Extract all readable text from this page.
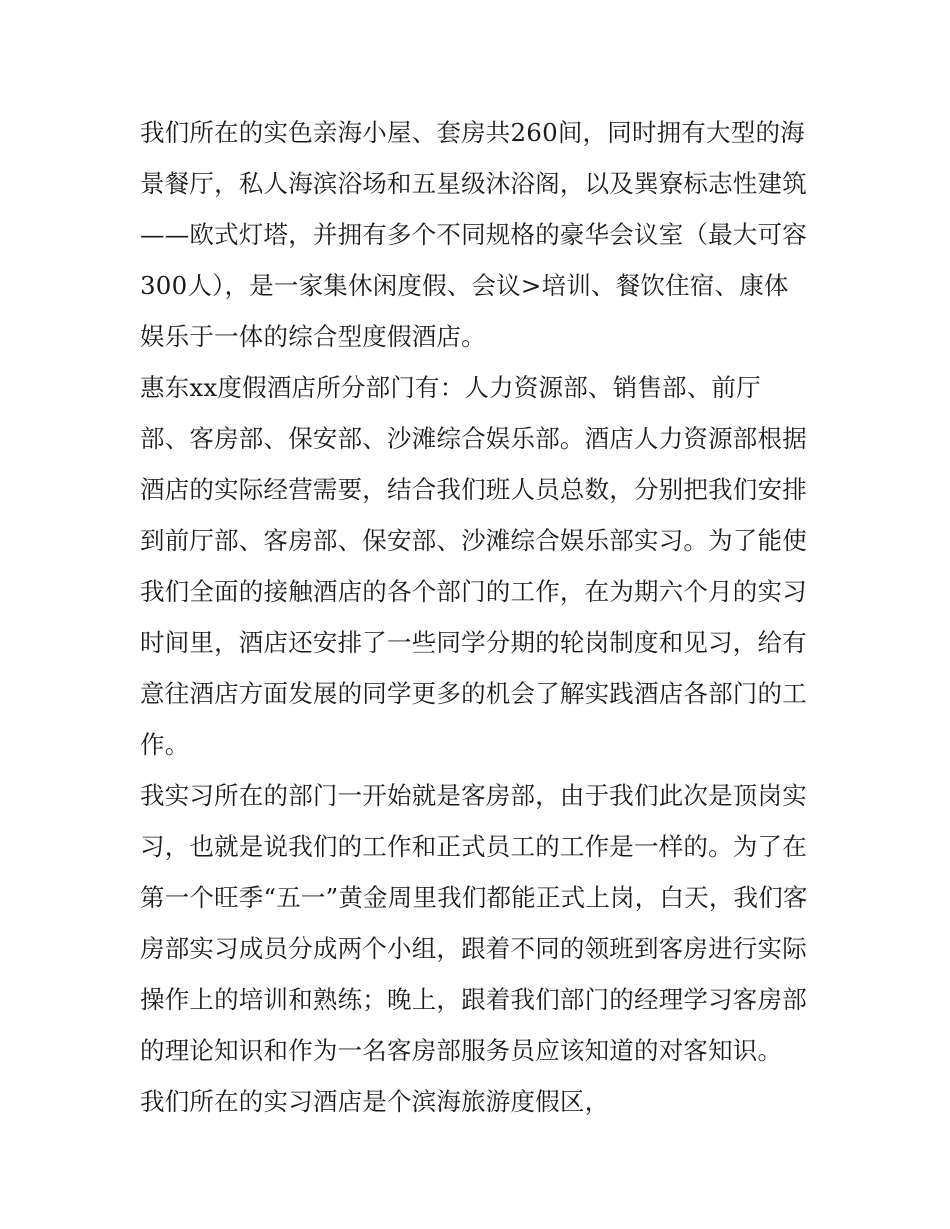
我们所在的实色亲海小屋、套房共260间，同时拥有大型的海
景餐厅，私人海滨浴场和五星级沐浴阁，以及巽寮标志性建筑
——欧式灯塔，并拥有多个不同规格的豪华会议室（最大可容
300人），是一家集休闲度假、会议>培训、餐饮住宿、康体
娱乐于一体的综合型度假酒店。
惠东xx度假酒店所分部门有：人力资源部、销售部、前厅
部、客房部、保安部、沙滩综合娱乐部。酒店人力资源部根据
酒店的实际经营需要，结合我们班人员总数，分别把我们安排
到前厅部、客房部、保安部、沙滩综合娱乐部实习。为了能使
我们全面的接触酒店的各个部门的工作，在为期六个月的实习
时间里，酒店还安排了一些同学分期的轮岗制度和见习，给有
意往酒店方面发展的同学更多的机会了解实践酒店各部门的工
作。
我实习所在的部门一开始就是客房部，由于我们此次是顶岗实
习，也就是说我们的工作和正式员工的工作是一样的。为了在
第一个旺季“五一”黄金周里我们都能正式上岗，白天，我们客
房部实习成员分成两个小组，跟着不同的领班到客房进行实际
操作上的培训和熟练；晚上，跟着我们部门的经理学习客房部
的理论知识和作为一名客房部服务员应该知道的对客知识。
我们所在的实习酒店是个滨海旅游度假区，
